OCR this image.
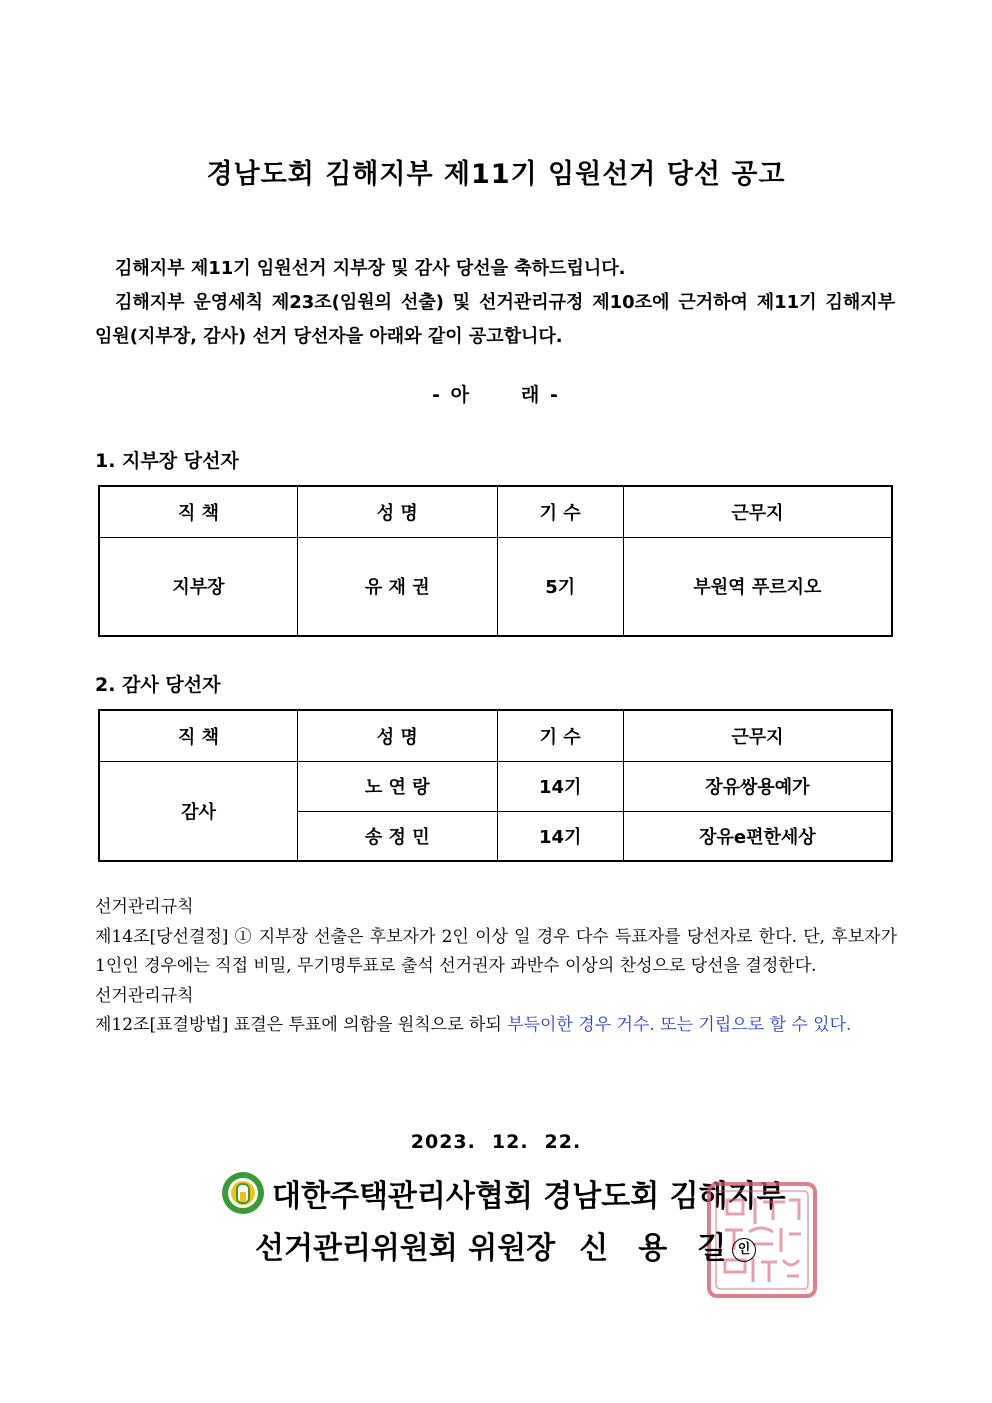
경남도회 김해지부 제11기 임원선거 당선 공고

김해지부 제11기 임원선거 지부장 및 감사 당선을 축하드립니다.

김해지부 운영세칙 제23조(임원의 선출) 및 선거관리규정 제10조에 근거하여 제11기 김해지부 임원(지부장, 감사) 선거 당선자을 아래와 같이 공고합니다.

- 아	래 -
1. 지부장 당선자
직 책	성 명	기 수	근무지
지부장	유 재 권	5기	부원역 푸르지오
2. 감사 당선자
직 책	성 명	기 수	근무지
감사	노 연 랑	14기	장유쌍용예가
	송 정 민	14기	장유e편한세상

선거관리규칙

제14조[당선결정] ① 지부장 선출은 후보자가 2인 이상 일 경우 다수 득표자를 당선자로 한다. 단, 후보자가 1인인 경우에는 직접 비밀, 무기명투표로 출석 선거권자 과반수 이상의 찬성으로 당선을 결정한다.

선거관리규칙

제12조[표결방법] 표결은 투표에 의함을 원칙으로 하되 부득이한 경우 거수. 또는 기립으로 할 수 있다.

2023. 12. 22.
대한주택관리사협회 경남도회 김해지부
선거관리위원회 위원장 신 용 길 인
